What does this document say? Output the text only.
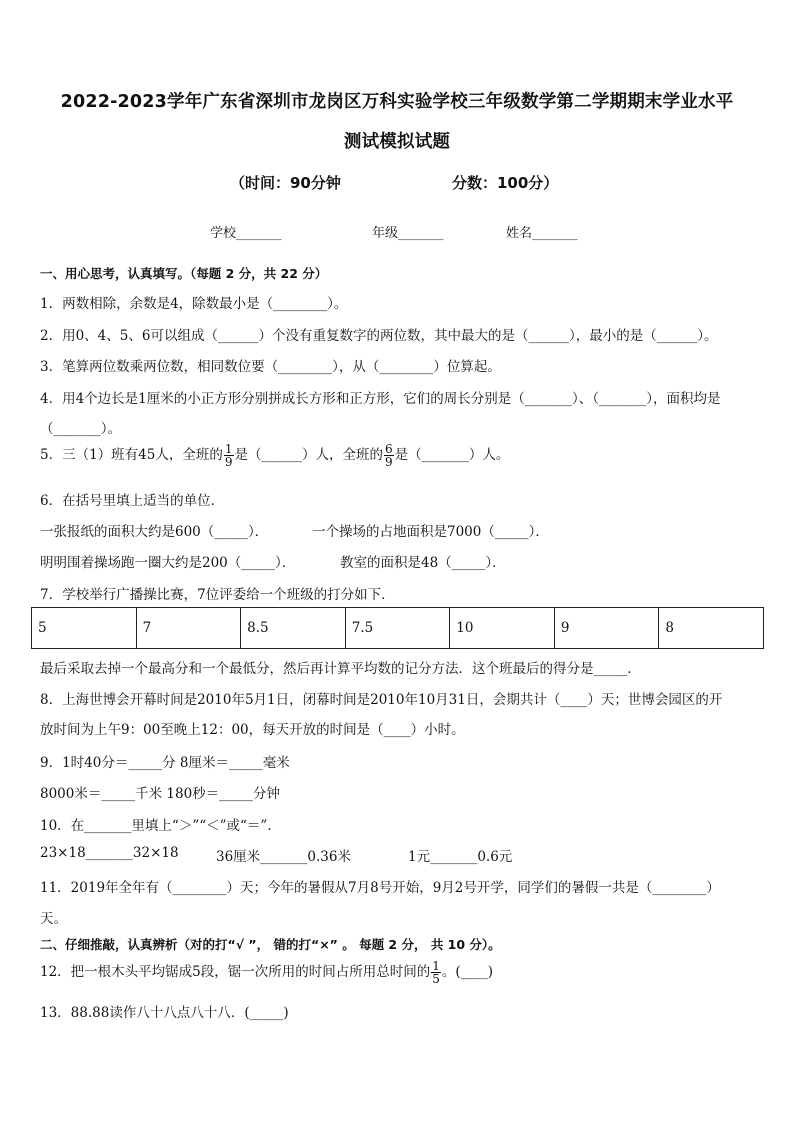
2022-2023学年广东省深圳市龙岗区万科实验学校三年级数学第二学期期末学业水平
测试模拟试题
（时间：90分钟	分数：100分）
学校_______	年级_______	姓名_______
一、用心思考，认真填写。（每题 2 分，共 22 分）
1．两数相除，余数是4，除数最小是（________）。
2．用0、4、5、6可以组成（______）个没有重复数字的两位数，其中最大的是（______），最小的是（______）。
3．笔算两位数乘两位数，相同数位要（________），从（________）位算起。
4．用4个边长是1厘米的小正方形分别拼成长方形和正方形，它们的周长分别是（_______）、（_______），面积均是
（_______）。
5．三（1）班有45人，全班的 $\frac{1}{9}$ 是（______）人，全班的 $\frac{6}{9}$ 是（_______）人。
6．在括号里填上适当的单位．
一张报纸的面积大约是600（_____）．	一个操场的占地面积是7000（_____）．
明明围着操场跑一圈大约是200（_____）．	教室的面积是48（_____）．
7．学校举行广播操比赛，7位评委给一个班级的打分如下．
5	7	8.5	7.5	10	9	8
最后采取去掉一个最高分和一个最低分，然后再计算平均数的记分方法．这个班最后的得分是_____．
8．上海世博会开幕时间是2010年5月1日，闭幕时间是2010年10月31日，会期共计（____）天；世博会园区的开
放时间为上午9：00至晚上12：00，每天开放的时间是（____）小时。
9．1时40分＝_____分 8厘米＝_____毫米
8000米＝_____千米 180秒＝_____分钟
10．在_______里填上“＞”“＜”或“＝”．
23×18_______32×18	36厘米_______0.36米	1元_______0.6元
11．2019年全年有（________）天；今年的暑假从7月8号开始，9月2号开学，同学们的暑假一共是（________）
天。
二、仔细推敲，认真辨析（对的打“√ ”， 错的打“×” 。 每题 2 分， 共 10 分）。
12．把一根木头平均锯成5段，锯一次所用的时间占所用总时间的 $\frac{1}{5}$ 。(____)
13．88.88读作八十八点八十八．(_____)
